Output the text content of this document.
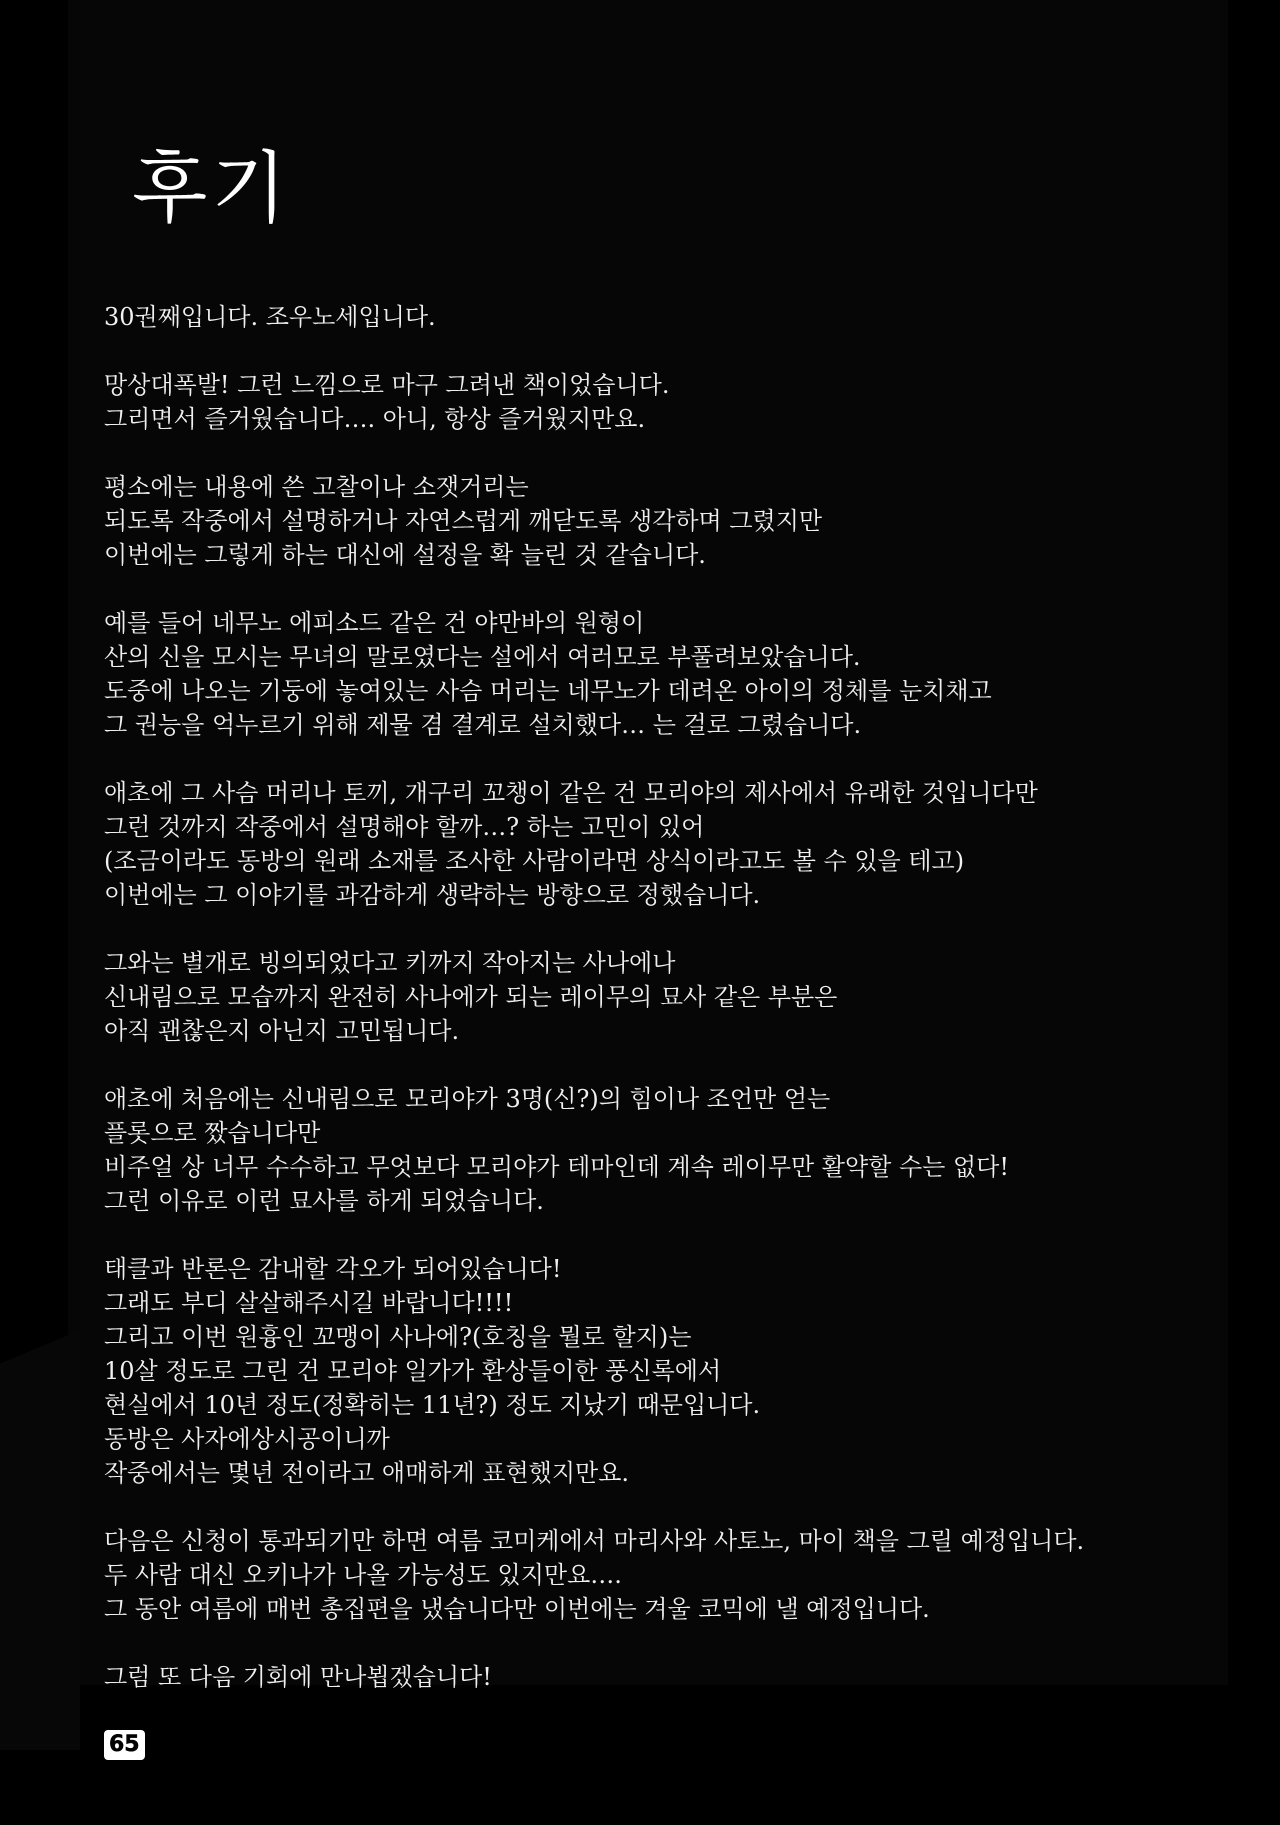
후기

30권째입니다. 조우노세입니다.

망상대폭발! 그런 느낌으로 마구 그려낸 책이었습니다.
그리면서 즐거웠습니다…. 아니, 항상 즐거웠지만요.

평소에는 내용에 쓴 고찰이나 소잿거리는
되도록 작중에서 설명하거나 자연스럽게 깨닫도록 생각하며 그렸지만
이번에는 그렇게 하는 대신에 설정을 확 늘린 것 같습니다.

예를 들어 네무노 에피소드 같은 건 야만바의 원형이
산의 신을 모시는 무녀의 말로였다는 설에서 여러모로 부풀려보았습니다.
도중에 나오는 기둥에 놓여있는 사슴 머리는 네무노가 데려온 아이의 정체를 눈치채고
그 권능을 억누르기 위해 제물 겸 결계로 설치했다… 는 걸로 그렸습니다.

애초에 그 사슴 머리나 토끼, 개구리 꼬챙이 같은 건 모리야의 제사에서 유래한 것입니다만
그런 것까지 작중에서 설명해야 할까…? 하는 고민이 있어
(조금이라도 동방의 원래 소재를 조사한 사람이라면 상식이라고도 볼 수 있을 테고)
이번에는 그 이야기를 과감하게 생략하는 방향으로 정했습니다.

그와는 별개로 빙의되었다고 키까지 작아지는 사나에나
신내림으로 모습까지 완전히 사나에가 되는 레이무의 묘사 같은 부분은
아직 괜찮은지 아닌지 고민됩니다.

애초에 처음에는 신내림으로 모리야가 3명(신?)의 힘이나 조언만 얻는
플롯으로 짰습니다만
비주얼 상 너무 수수하고 무엇보다 모리야가 테마인데 계속 레이무만 활약할 수는 없다!
그런 이유로 이런 묘사를 하게 되었습니다.

태클과 반론은 감내할 각오가 되어있습니다!
그래도 부디 살살해주시길 바랍니다!!!!
그리고 이번 원흉인 꼬맹이 사나에?(호칭을 뭘로 할지)는
10살 정도로 그린 건 모리야 일가가 환상들이한 풍신록에서
현실에서 10년 정도(정확히는 11년?) 정도 지났기 때문입니다.
동방은 사자에상시공이니까
작중에서는 몇년 전이라고 애매하게 표현했지만요.

다음은 신청이 통과되기만 하면 여름 코미케에서 마리사와 사토노, 마이 책을 그릴 예정입니다.
두 사람 대신 오키나가 나올 가능성도 있지만요….
그 동안 여름에 매번 총집편을 냈습니다만 이번에는 겨울 코믹에 낼 예정입니다.

그럼 또 다음 기회에 만나뵙겠습니다!

65
